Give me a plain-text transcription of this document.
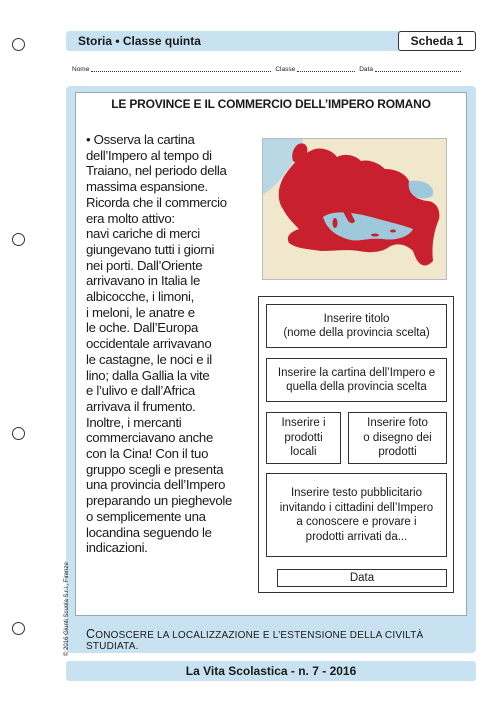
Storia • Classe quinta	Scheda 1
Nome	Classe	Data
LE PROVINCE E IL COMMERCIO DELL’IMPERO ROMANO
• Osserva la cartina
dell’Impero al tempo di
Traiano, nel periodo della
massima espansione.
Ricorda che il commercio
era molto attivo:
navi cariche di merci
giungevano tutti i giorni
nei porti. Dall’Oriente
arrivavano in Italia le
albicocche, i limoni,
i meloni, le anatre e
le oche. Dall’Europa
occidentale arrivavano
le castagne, le noci e il
lino; dalla Gallia la vite
e l’ulivo e dall’Africa
arrivava il frumento.
Inoltre, i mercanti
commerciavano anche
con la Cina! Con il tuo
gruppo scegli e presenta
una provincia dell’Impero
preparando un pieghevole
o semplicemente una
locandina seguendo le
indicazioni.
Inserire titolo
(nome della provincia scelta)
Inserire la cartina dell’Impero e
quella della provincia scelta
Inserire i
prodotti
locali
Inserire foto
o disegno dei
prodotti
Inserire testo pubblicitario
invitando i cittadini dell’Impero
a conoscere e provare i
prodotti arrivati da...
Data
CONOSCERE LA LOCALIZZAZIONE E L’ESTENSIONE DELLA CIVILTÀ STUDIATA.
© 2016 Giunti Scuola S.r.l., Firenze
La Vita Scolastica - n. 7 - 2016
